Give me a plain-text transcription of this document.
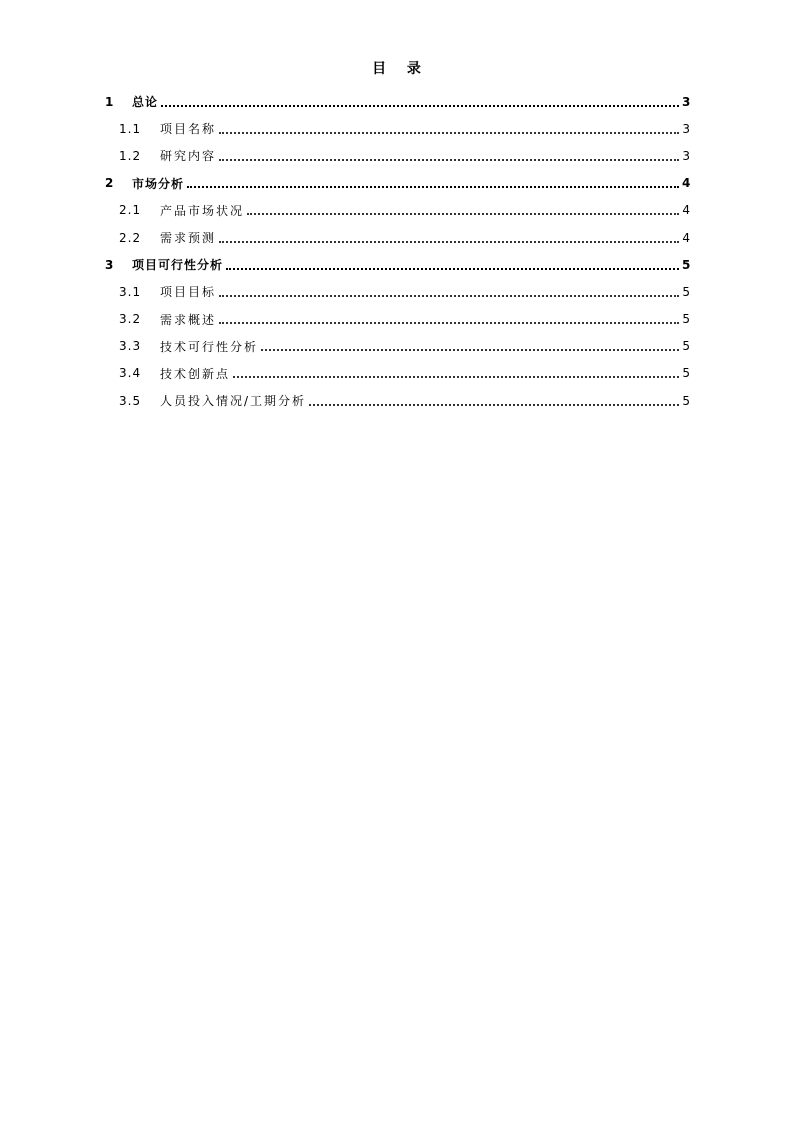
目 录
1	总论	3
1.1	项目名称	3
1.2	研究内容	3
2	市场分析	4
2.1	产品市场状况	4
2.2	需求预测	4
3	项目可行性分析	5
3.1	项目目标	5
3.2	需求概述	5
3.3	技术可行性分析	5
3.4	技术创新点	5
3.5	人员投入情况/工期分析	5
